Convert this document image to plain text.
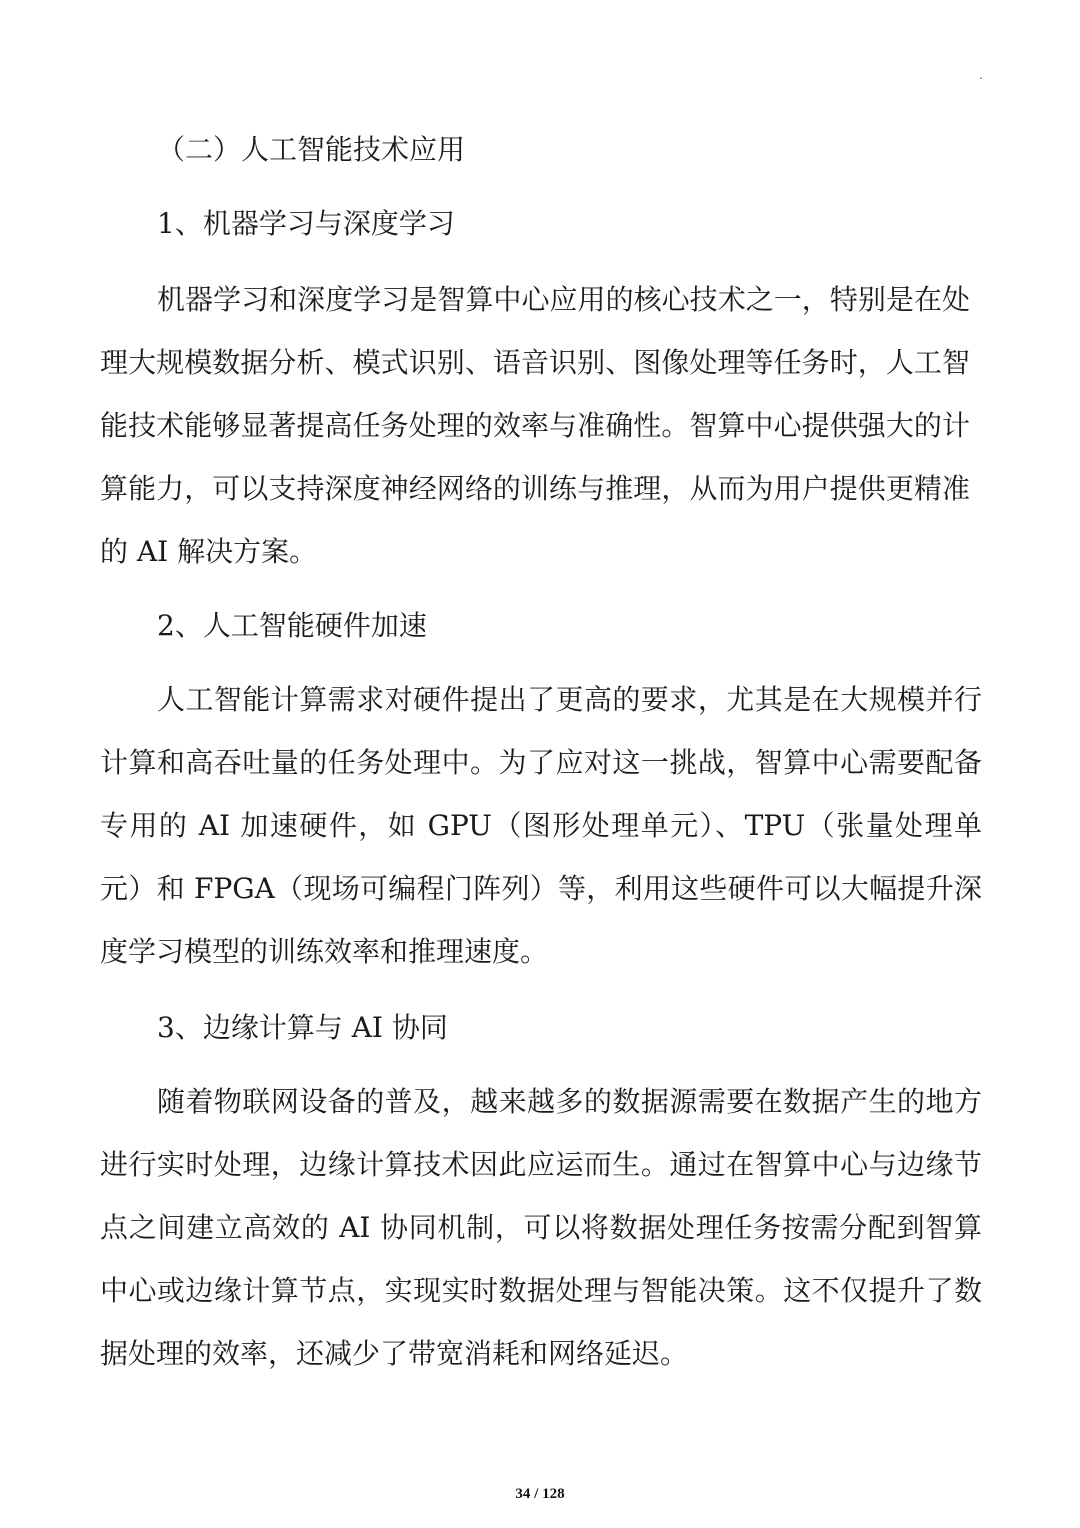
·

（二）人工智能技术应用

1、机器学习与深度学习

机器学习和深度学习是智算中心应用的核心技术之一，特别是在处理大规模数据分析、模式识别、语音识别、图像处理等任务时，人工智能技术能够显著提高任务处理的效率与准确性。智算中心提供强大的计算能力，可以支持深度神经网络的训练与推理，从而为用户提供更精准的 AI 解决方案。

2、人工智能硬件加速

人工智能计算需求对硬件提出了更高的要求，尤其是在大规模并行计算和高吞吐量的任务处理中。为了应对这一挑战，智算中心需要配备专用的 AI 加速硬件，如 GPU（图形处理单元）、TPU（张量处理单元）和 FPGA（现场可编程门阵列）等，利用这些硬件可以大幅提升深度学习模型的训练效率和推理速度。

3、边缘计算与 AI 协同

随着物联网设备的普及，越来越多的数据源需要在数据产生的地方进行实时处理，边缘计算技术因此应运而生。通过在智算中心与边缘节点之间建立高效的 AI 协同机制，可以将数据处理任务按需分配到智算中心或边缘计算节点，实现实时数据处理与智能决策。这不仅提升了数据处理的效率，还减少了带宽消耗和网络延迟。

34 / 128
